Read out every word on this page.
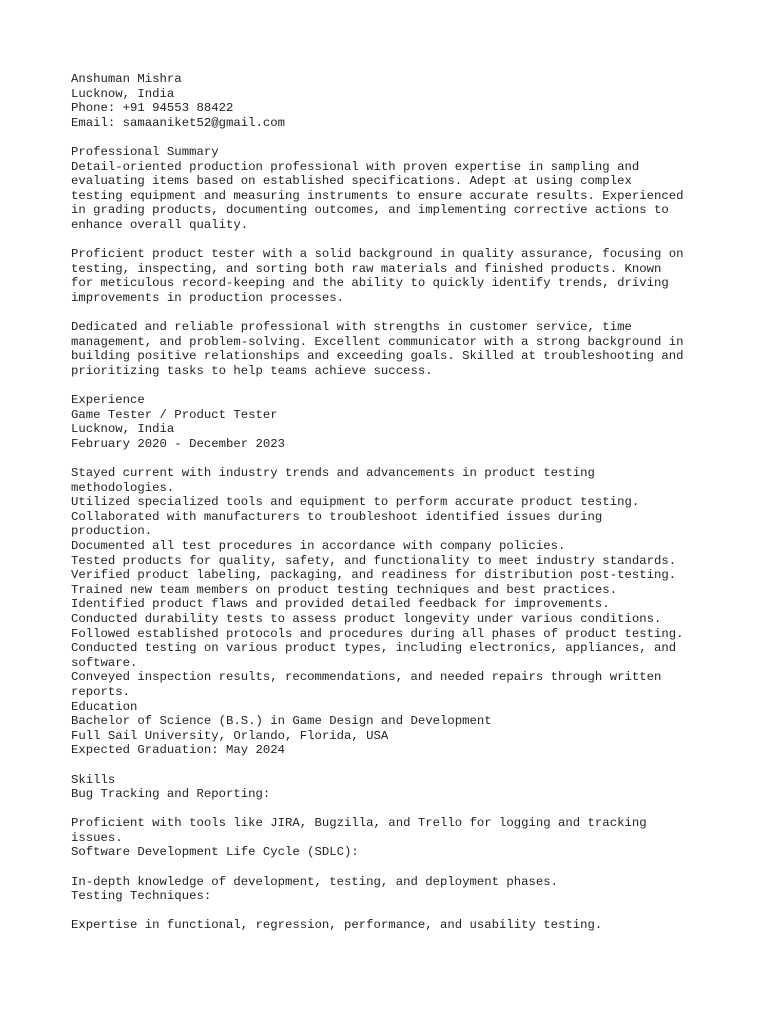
Anshuman Mishra
Lucknow, India
Phone: +91 94553 88422
Email: samaaniket52@gmail.com
Professional Summary
Detail-oriented production professional with proven expertise in sampling and
evaluating items based on established specifications. Adept at using complex
testing equipment and measuring instruments to ensure accurate results. Experienced
in grading products, documenting outcomes, and implementing corrective actions to
enhance overall quality.
Proficient product tester with a solid background in quality assurance, focusing on
testing, inspecting, and sorting both raw materials and finished products. Known
for meticulous record-keeping and the ability to quickly identify trends, driving
improvements in production processes.
Dedicated and reliable professional with strengths in customer service, time
management, and problem-solving. Excellent communicator with a strong background in
building positive relationships and exceeding goals. Skilled at troubleshooting and
prioritizing tasks to help teams achieve success.
Experience
Game Tester / Product Tester
Lucknow, India
February 2020 - December 2023
Stayed current with industry trends and advancements in product testing
methodologies.
Utilized specialized tools and equipment to perform accurate product testing.
Collaborated with manufacturers to troubleshoot identified issues during
production.
Documented all test procedures in accordance with company policies.
Tested products for quality, safety, and functionality to meet industry standards.
Verified product labeling, packaging, and readiness for distribution post-testing.
Trained new team members on product testing techniques and best practices.
Identified product flaws and provided detailed feedback for improvements.
Conducted durability tests to assess product longevity under various conditions.
Followed established protocols and procedures during all phases of product testing.
Conducted testing on various product types, including electronics, appliances, and
software.
Conveyed inspection results, recommendations, and needed repairs through written
reports.
Education
Bachelor of Science (B.S.) in Game Design and Development
Full Sail University, Orlando, Florida, USA
Expected Graduation: May 2024
Skills
Bug Tracking and Reporting:
Proficient with tools like JIRA, Bugzilla, and Trello for logging and tracking
issues.
Software Development Life Cycle (SDLC):
In-depth knowledge of development, testing, and deployment phases.
Testing Techniques:
Expertise in functional, regression, performance, and usability testing.
